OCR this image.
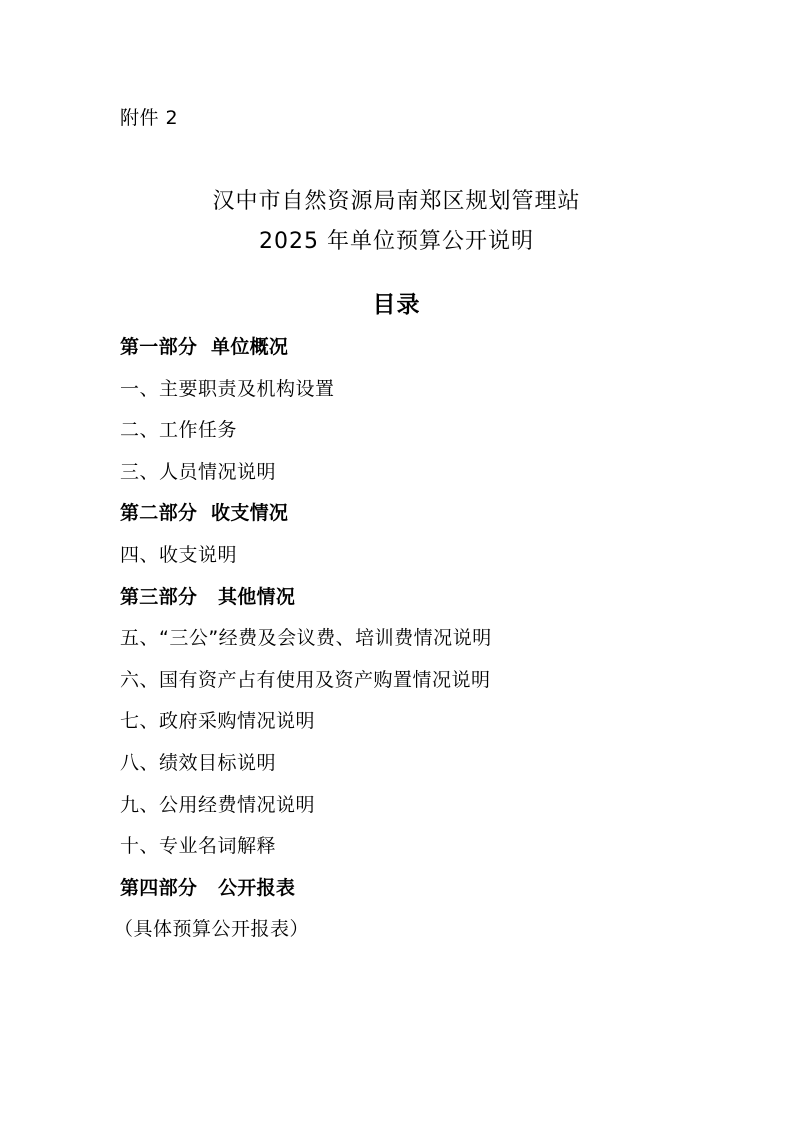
附件 2
汉中市自然资源局南郑区规划管理站
2025 年单位预算公开说明
目录
第一部分  单位概况
一、主要职责及机构设置
二、工作任务
三、人员情况说明
第二部分  收支情况
四、收支说明
第三部分   其他情况
五、“三公”经费及会议费、培训费情况说明
六、国有资产占有使用及资产购置情况说明
七、政府采购情况说明
八、绩效目标说明
九、公用经费情况说明
十、专业名词解释
第四部分   公开报表
（具体预算公开报表）
